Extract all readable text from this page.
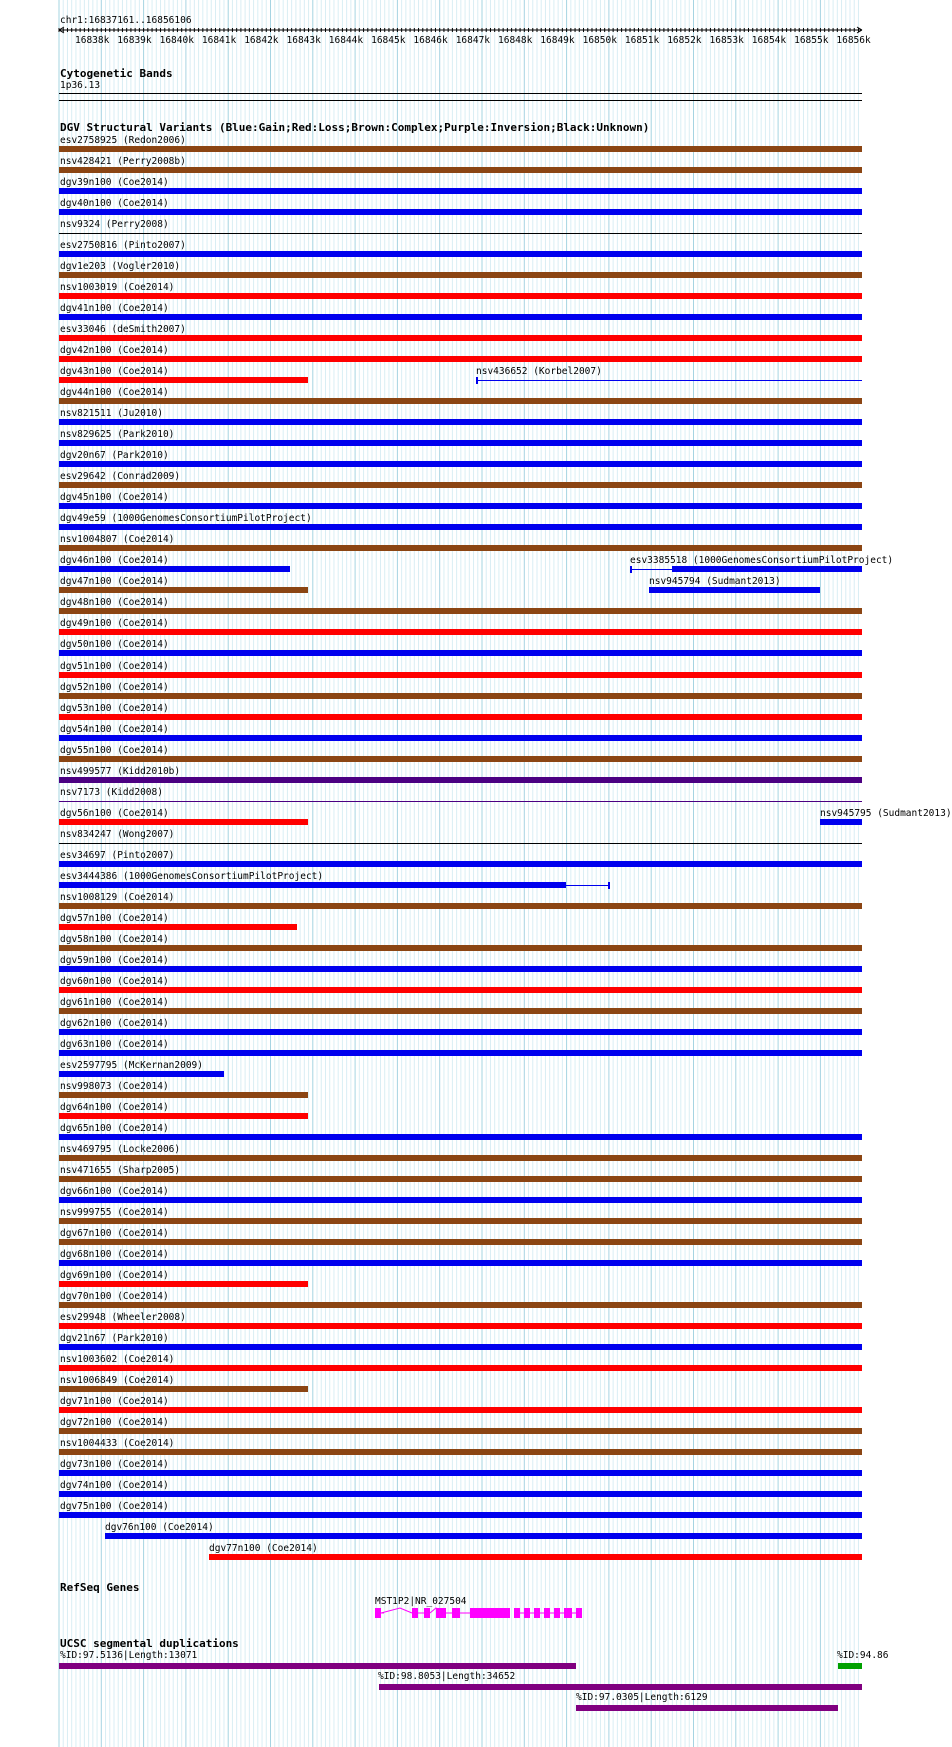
chr1:16837161..16856106
16838k 16839k 16840k 16841k 16842k 16843k 16844k 16845k 16846k 16847k 16848k 16849k 16850k 16851k 16852k 16853k 16854k 16855k 16856k
Cytogenetic Bands
1p36.13
DGV Structural Variants (Blue:Gain;Red:Loss;Brown:Complex;Purple:Inversion;Black:Unknown)
esv2758925 (Redon2006)
nsv428421 (Perry2008b)
dgv39n100 (Coe2014)
dgv40n100 (Coe2014)
nsv9324 (Perry2008)
esv2750816 (Pinto2007)
dgv1e203 (Vogler2010)
nsv1003019 (Coe2014)
dgv41n100 (Coe2014)
esv33046 (deSmith2007)
dgv42n100 (Coe2014)
dgv43n100 (Coe2014)	nsv436652 (Korbel2007)
dgv44n100 (Coe2014)
nsv821511 (Ju2010)
nsv829625 (Park2010)
dgv20n67 (Park2010)
esv29642 (Conrad2009)
dgv45n100 (Coe2014)
dgv49e59 (1000GenomesConsortiumPilotProject)
nsv1004807 (Coe2014)
dgv46n100 (Coe2014)	esv3385518 (1000GenomesConsortiumPilotProject)
dgv47n100 (Coe2014)	nsv945794 (Sudmant2013)
dgv48n100 (Coe2014)
dgv49n100 (Coe2014)
dgv50n100 (Coe2014)
dgv51n100 (Coe2014)
dgv52n100 (Coe2014)
dgv53n100 (Coe2014)
dgv54n100 (Coe2014)
dgv55n100 (Coe2014)
nsv499577 (Kidd2010b)
nsv7173 (Kidd2008)
dgv56n100 (Coe2014)	nsv945795 (Sudmant2013)
nsv834247 (Wong2007)
esv34697 (Pinto2007)
esv3444386 (1000GenomesConsortiumPilotProject)
nsv1008129 (Coe2014)
dgv57n100 (Coe2014)
dgv58n100 (Coe2014)
dgv59n100 (Coe2014)
dgv60n100 (Coe2014)
dgv61n100 (Coe2014)
dgv62n100 (Coe2014)
dgv63n100 (Coe2014)
esv2597795 (McKernan2009)
nsv998073 (Coe2014)
dgv64n100 (Coe2014)
dgv65n100 (Coe2014)
nsv469795 (Locke2006)
nsv471655 (Sharp2005)
dgv66n100 (Coe2014)
nsv999755 (Coe2014)
dgv67n100 (Coe2014)
dgv68n100 (Coe2014)
dgv69n100 (Coe2014)
dgv70n100 (Coe2014)
esv29948 (Wheeler2008)
dgv21n67 (Park2010)
nsv1003602 (Coe2014)
nsv1006849 (Coe2014)
dgv71n100 (Coe2014)
dgv72n100 (Coe2014)
nsv1004433 (Coe2014)
dgv73n100 (Coe2014)
dgv74n100 (Coe2014)
dgv75n100 (Coe2014)
dgv76n100 (Coe2014)
dgv77n100 (Coe2014)
RefSeq Genes
MST1P2|NR_027504
UCSC segmental duplications
%ID:97.5136|Length:13071	%ID:94.86
%ID:98.8053|Length:34652
%ID:97.0305|Length:6129
